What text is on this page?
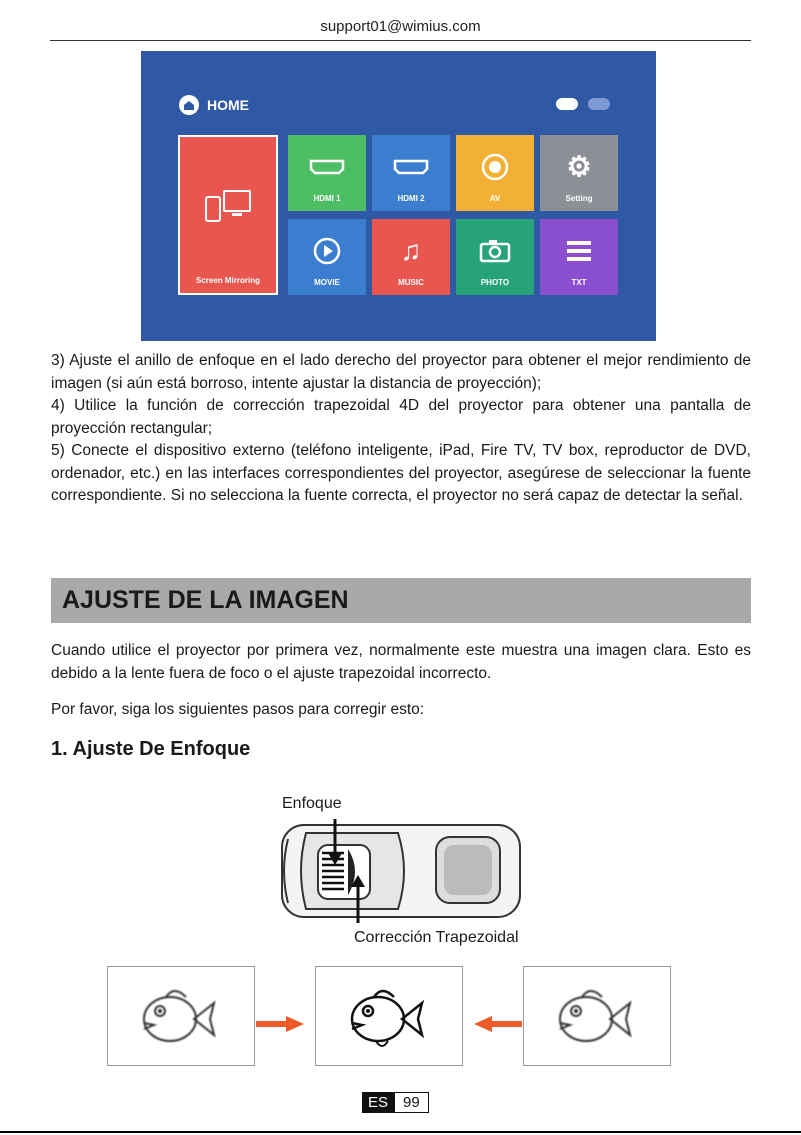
support01@wimius.com
HOME
Screen Mirroring
HDMI 1	HDMI 2	AV
⚙
Setting
MOVIE
♫
MUSIC	PHOTO	TXT

3) Ajuste el anillo de enfoque en el lado derecho del proyector para obtener el mejor rendimiento de imagen (si aún está borroso, intente ajustar la distancia de proyección);

4) Utilice la función de corrección trapezoidal 4D del proyector para obtener una pantalla de proyección rectangular;

5) Conecte el dispositivo externo (teléfono inteligente, iPad, Fire TV, TV box, reproductor de DVD, ordenador, etc.) en las interfaces correspondientes del proyector, asegúrese de seleccionar la fuente correspondiente. Si no selecciona la fuente correcta, el proyector no será capaz de detectar la señal.

AJUSTE DE LA IMAGEN
Cuando utilice el proyector por primera vez, normalmente este muestra una imagen clara. Esto es debido a la lente fuera de foco o el ajuste trapezoidal incorrecto.
Por favor, siga los siguientes pasos para corregir esto:
1. Ajuste De Enfoque
Enfoque
Corrección Trapezoidal
ES	99
